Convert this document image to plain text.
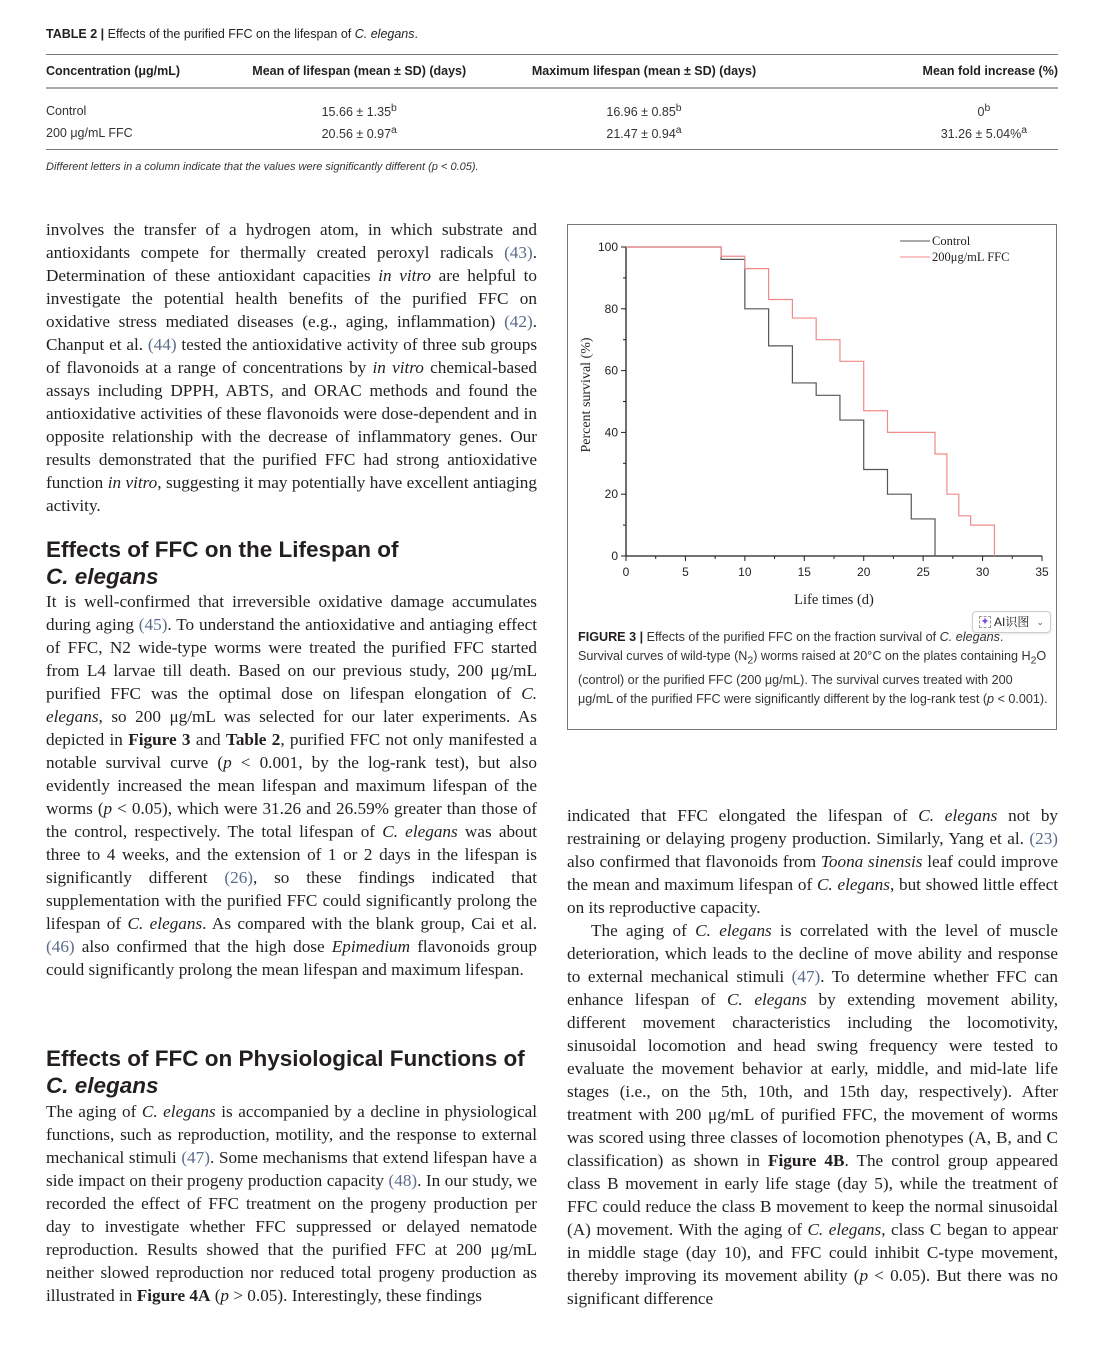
TABLE 2 | Effects of the purified FFC on the lifespan of C. elegans.
Concentration (μg/mL)	Mean of lifespan (mean ± SD) (days)	Maximum lifespan (mean ± SD) (days)	Mean fold increase (%)
Control	15.66 ± 1.35$^b$	16.96 ± 0.85$^b$	0$^b$
200 μg/mL FFC	20.56 ± 0.97$^a$	21.47 ± 0.94$^a$	31.26 ± 5.04%$^a$
Different letters in a column indicate that the values were significantly different (p < 0.05).

involves the transfer of a hydrogen atom, in which substrate and antioxidants compete for thermally created peroxyl radicals (43). Determination of these antioxidant capacities in vitro are helpful to investigate the potential health benefits of the purified FFC on oxidative stress mediated diseases (e.g., aging, inflammation) (42). Chanput et al. (44) tested the antioxidative activity of three sub groups of flavonoids at a range of concentrations by in vitro chemical-based assays including DPPH, ABTS, and ORAC methods and found the antioxidative activities of these flavonoids were dose-dependent and in opposite relationship with the decrease of inflammatory genes. Our results demonstrated that the purified FFC had strong antioxidative function in vitro, suggesting it may potentially have excellent antiaging activity.

Effects of FFC on the Lifespan of
C. elegans

It is well-confirmed that irreversible oxidative damage accumulates during aging (45). To understand the antioxidative and antiaging effect of FFC, N2 wide-type worms were treated the purified FFC started from L4 larvae till death. Based on our previous study, 200 μg/mL purified FFC was the optimal dose on lifespan elongation of C. elegans, so 200 μg/mL was selected for our later experiments. As depicted in Figure 3 and Table 2, purified FFC not only manifested a notable survival curve (p < 0.001, by the log-rank test), but also evidently increased the mean lifespan and maximum lifespan of the worms (p < 0.05), which were 31.26 and 26.59% greater than those of the control, respectively. The total lifespan of C. elegans was about three to 4 weeks, and the extension of 1 or 2 days in the lifespan is significantly different (26), so these findings indicated that supplementation with the purified FFC could significantly prolong the lifespan of C. elegans. As compared with the blank group, Cai et al. (46) also confirmed that the high dose Epimedium flavonoids group could significantly prolong the mean lifespan and maximum lifespan.

Effects of FFC on Physiological Functions of C. elegans

The aging of C. elegans is accompanied by a decline in physiological functions, such as reproduction, motility, and the response to external mechanical stimuli (47). Some mechanisms that extend lifespan have a side impact on their progeny production capacity (48). In our study, we recorded the effect of FFC treatment on the progeny production per day to investigate whether FFC suppressed or delayed nematode reproduction. Results showed that the purified FFC at 200 μg/mL neither slowed reproduction nor reduced total progeny production as illustrated in Figure 4A (p > 0.05). Interestingly, these findings

0
20
40
60
80
100
0	5	10	15	20	25	30	35
Percent survival (%)
Life times (d)
Control
200μg/mL FFC
✦ AI识图 ⌄
FIGURE 3 | Effects of the purified FFC on the fraction survival of C. elegans. Survival curves of wild-type $(N_2)$ worms raised at 20°C on the plates containing $H_2O$ (control) or the purified FFC (200 μg/mL). The survival curves treated with 200 μg/mL of the purified FFC were significantly different by the log-rank test (p < 0.001).

indicated that FFC elongated the lifespan of C. elegans not by restraining or delaying progeny production. Similarly, Yang et al. (23) also confirmed that flavonoids from Toona sinensis leaf could improve the mean and maximum lifespan of C. elegans, but showed little effect on its reproductive capacity.

The aging of C. elegans is correlated with the level of muscle deterioration, which leads to the decline of move ability and response to external mechanical stimuli (47). To determine whether FFC can enhance lifespan of C. elegans by extending movement ability, different movement characteristics including the locomotivity, sinusoidal locomotion and head swing frequency were tested to evaluate the movement behavior at early, middle, and mid-late life stages (i.e., on the 5th, 10th, and 15th day, respectively). After treatment with 200 μg/mL of purified FFC, the movement of worms was scored using three classes of locomotion phenotypes (A, B, and C classification) as shown in Figure 4B. The control group appeared class B movement in early life stage (day 5), while the treatment of FFC could reduce the class B movement to keep the normal sinusoidal (A) movement. With the aging of C. elegans, class C began to appear in middle stage (day 10), and FFC could inhibit C-type movement, thereby improving its movement ability (p < 0.05). But there was no significant difference
